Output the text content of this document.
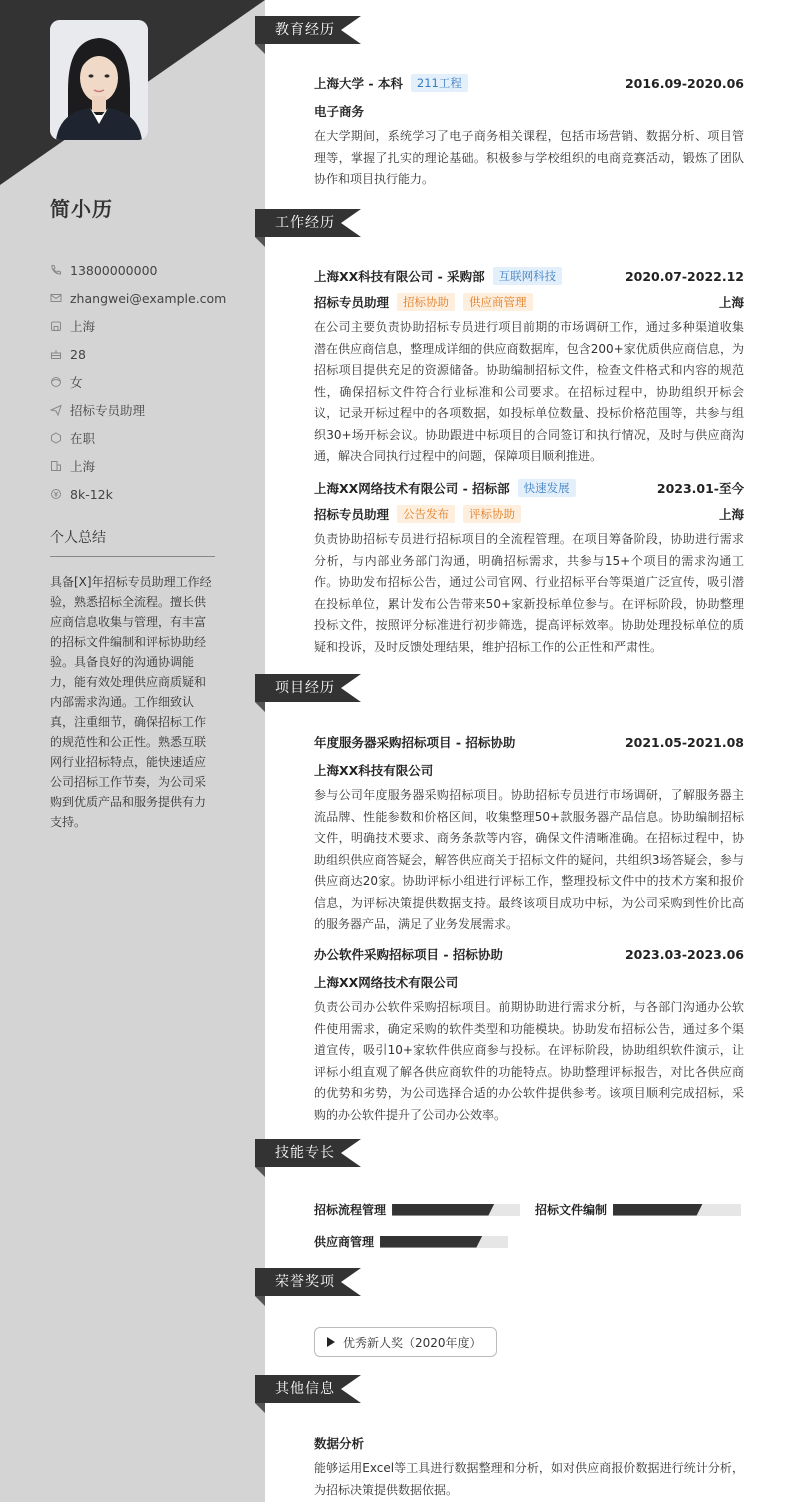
简小历
13800000000
zhangwei@example.com
上海
28
女
招标专员助理
在职
上海
8k-12k
个人总结
具备[X]年招标专员助理工作经验，熟悉招标全流程。擅长供应商信息收集与管理，有丰富的招标文件编制和评标协助经验。具备良好的沟通协调能力，能有效处理供应商质疑和内部需求沟通。工作细致认真，注重细节，确保招标工作的规范性和公正性。熟悉互联网行业招标特点，能快速适应公司招标工作节奏，为公司采购到优质产品和服务提供有力支持。
教育经历
上海大学 - 本科	211工程	2016.09-2020.06
电子商务
在大学期间，系统学习了电子商务相关课程，包括市场营销、数据分析、项目管理等，掌握了扎实的理论基础。积极参与学校组织的电商竞赛活动，锻炼了团队协作和项目执行能力。
工作经历
上海XX科技有限公司 - 采购部	互联网科技	2020.07-2022.12
招标专员助理	招标协助	供应商管理	上海
在公司主要负责协助招标专员进行项目前期的市场调研工作，通过多种渠道收集潜在供应商信息，整理成详细的供应商数据库，包含200+家优质供应商信息，为招标项目提供充足的资源储备。协助编制招标文件，检查文件格式和内容的规范性，确保招标文件符合行业标准和公司要求。在招标过程中，协助组织开标会议，记录开标过程中的各项数据，如投标单位数量、投标价格范围等，共参与组织30+场开标会议。协助跟进中标项目的合同签订和执行情况，及时与供应商沟通，解决合同执行过程中的问题，保障项目顺利推进。
上海XX网络技术有限公司 - 招标部	快速发展	2023.01-至今
招标专员助理	公告发布	评标协助	上海
负责协助招标专员进行招标项目的全流程管理。在项目筹备阶段，协助进行需求分析，与内部业务部门沟通，明确招标需求，共参与15+个项目的需求沟通工作。协助发布招标公告，通过公司官网、行业招标平台等渠道广泛宣传，吸引潜在投标单位，累计发布公告带来50+家新投标单位参与。在评标阶段，协助整理投标文件，按照评分标准进行初步筛选，提高评标效率。协助处理投标单位的质疑和投诉，及时反馈处理结果，维护招标工作的公正性和严肃性。
项目经历
年度服务器采购招标项目 - 招标协助	2021.05-2021.08
上海XX科技有限公司
参与公司年度服务器采购招标项目。协助招标专员进行市场调研，了解服务器主流品牌、性能参数和价格区间，收集整理50+款服务器产品信息。协助编制招标文件，明确技术要求、商务条款等内容，确保文件清晰准确。在招标过程中，协助组织供应商答疑会，解答供应商关于招标文件的疑问，共组织3场答疑会，参与供应商达20家。协助评标小组进行评标工作，整理投标文件中的技术方案和报价信息，为评标决策提供数据支持。最终该项目成功中标，为公司采购到性价比高的服务器产品，满足了业务发展需求。
办公软件采购招标项目 - 招标协助	2023.03-2023.06
上海XX网络技术有限公司
负责公司办公软件采购招标项目。前期协助进行需求分析，与各部门沟通办公软件使用需求，确定采购的软件类型和功能模块。协助发布招标公告，通过多个渠道宣传，吸引10+家软件供应商参与投标。在评标阶段，协助组织软件演示，让评标小组直观了解各供应商软件的功能特点。协助整理评标报告，对比各供应商的优势和劣势，为公司选择合适的办公软件提供参考。该项目顺利完成招标，采购的办公软件提升了公司办公效率。
技能专长
招标流程管理	招标文件编制
供应商管理
荣誉奖项
优秀新人奖（2020年度）
其他信息
数据分析
能够运用Excel等工具进行数据整理和分析，如对供应商报价数据进行统计分析，为招标决策提供数据依据。
